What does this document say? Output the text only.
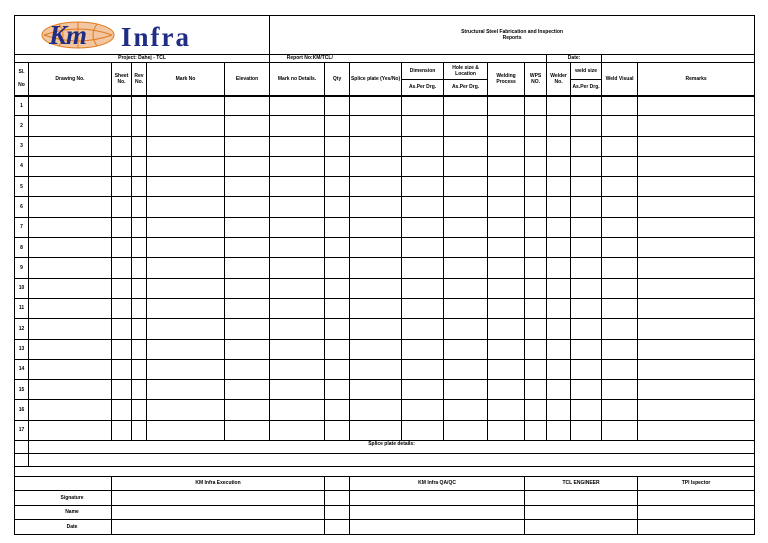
Km Infra						Structural Steel Fabrication and Inspection
Reports										
Project: Dahej - TCL						Report No:KM/TCL/							Date:			
Sl.

No	Drawing No.	Sheet No.	Rev No.	Mark No	Elevation	Mark no Details.	Qty	Splice plate (Yes/No)	Dimension	Hole size & Location	Welding Process	WPS NO.	Welder No.	weld size	Weld Visual	Remarks
									As.Per Drg.	As.Per Drg.				As.Per Drg.		
1																
2																
3																
4																
5																
6																
7																
8																
9																
10																
11																
12																
13																
14																
15																
16																
17																
	Splice plate details:															

		KM Infra Execution						KM Infra QA/QC				TCL ENGINEER				TPI Ispector
Signature																
Name																
Date																
